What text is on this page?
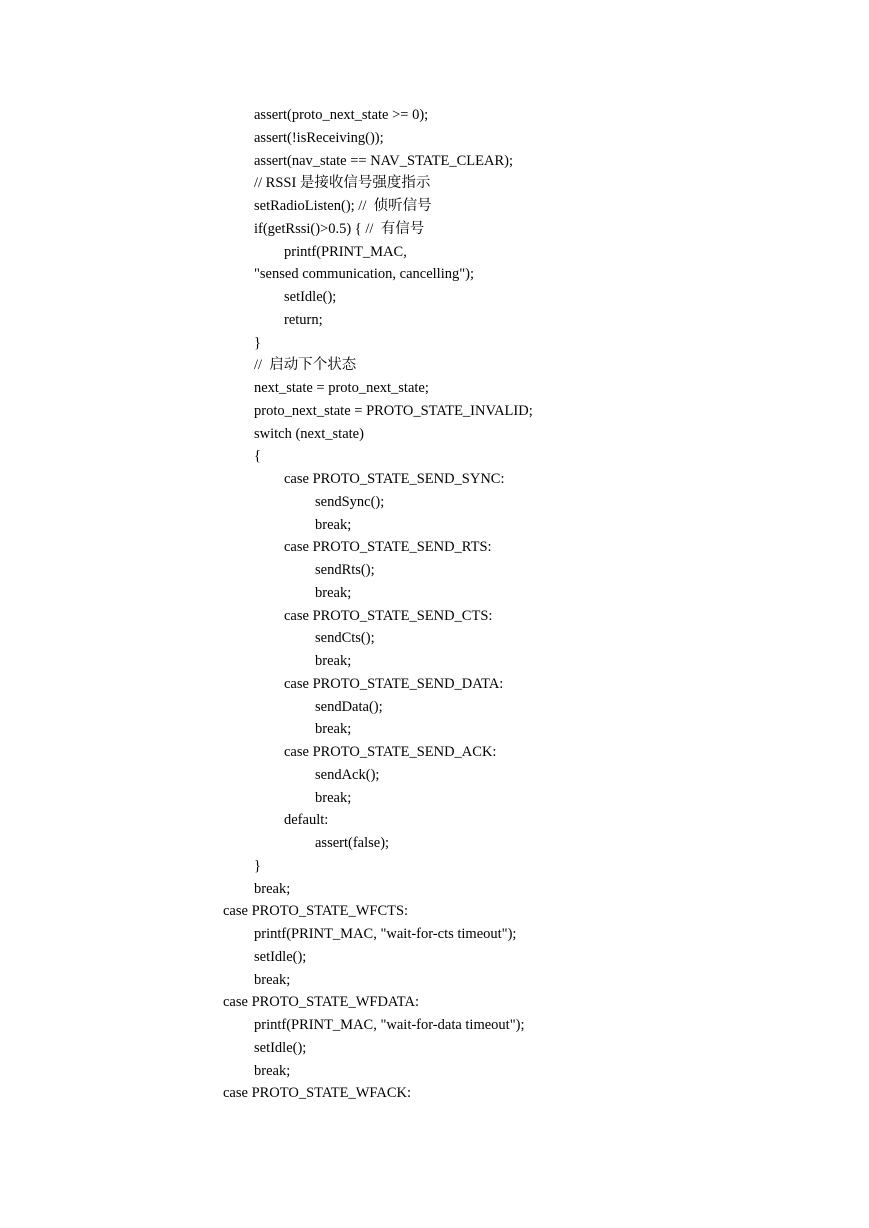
assert(proto_next_state >= 0);
assert(!isReceiving());
assert(nav_state == NAV_STATE_CLEAR);
// RSSI 是接收信号强度指示
setRadioListen(); //  侦听信号
if(getRssi()>0.5) { //  有信号
printf(PRINT_MAC,
"sensed communication, cancelling");
setIdle();
return;
}
//  启动下个状态
next_state = proto_next_state;
proto_next_state = PROTO_STATE_INVALID;
switch (next_state)
{
case PROTO_STATE_SEND_SYNC:
sendSync();
break;
case PROTO_STATE_SEND_RTS:
sendRts();
break;
case PROTO_STATE_SEND_CTS:
sendCts();
break;
case PROTO_STATE_SEND_DATA:
sendData();
break;
case PROTO_STATE_SEND_ACK:
sendAck();
break;
default:
assert(false);
}
break;
case PROTO_STATE_WFCTS:
printf(PRINT_MAC, "wait-for-cts timeout");
setIdle();
break;
case PROTO_STATE_WFDATA:
printf(PRINT_MAC, "wait-for-data timeout");
setIdle();
break;
case PROTO_STATE_WFACK:
